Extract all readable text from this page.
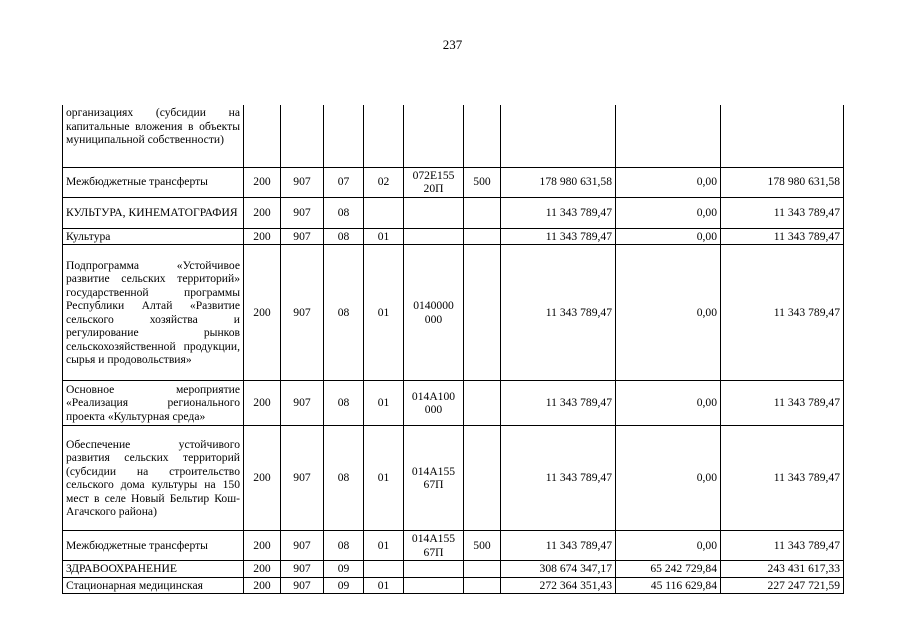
237
организациях (субсидии на капитальные вложения в объекты муниципальной собственности)									
Межбюджетные трансферты	200	907	07	02	072Е155 20П	500	178 980 631,58	0,00	178 980 631,58
КУЛЬТУРА, КИНЕМАТОГРАФИЯ	200	907	08				11 343 789,47	0,00	11 343 789,47
Культура	200	907	08	01			11 343 789,47	0,00	11 343 789,47
Подпрограмма «Устойчивое развитие сельских территорий» государственной программы Республики Алтай «Развитие сельского хозяйства и регулирование рынков сельскохозяйственной продукции, сырья и продовольствия»	200	907	08	01	0140000 000		11 343 789,47	0,00	11 343 789,47
Основное мероприятие «Реализация регионального проекта «Культурная среда»	200	907	08	01	014А100 000		11 343 789,47	0,00	11 343 789,47
Обеспечение устойчивого развития сельских территорий (субсидии на строительство сельского дома культуры на 150 мест в селе Новый Бельтир Кош-Агачского района)	200	907	08	01	014А155 67П		11 343 789,47	0,00	11 343 789,47
Межбюджетные трансферты	200	907	08	01	014А155 67П	500	11 343 789,47	0,00	11 343 789,47
ЗДРАВООХРАНЕНИЕ	200	907	09				308 674 347,17	65 242 729,84	243 431 617,33
Стационарная медицинская	200	907	09	01			272 364 351,43	45 116 629,84	227 247 721,59
